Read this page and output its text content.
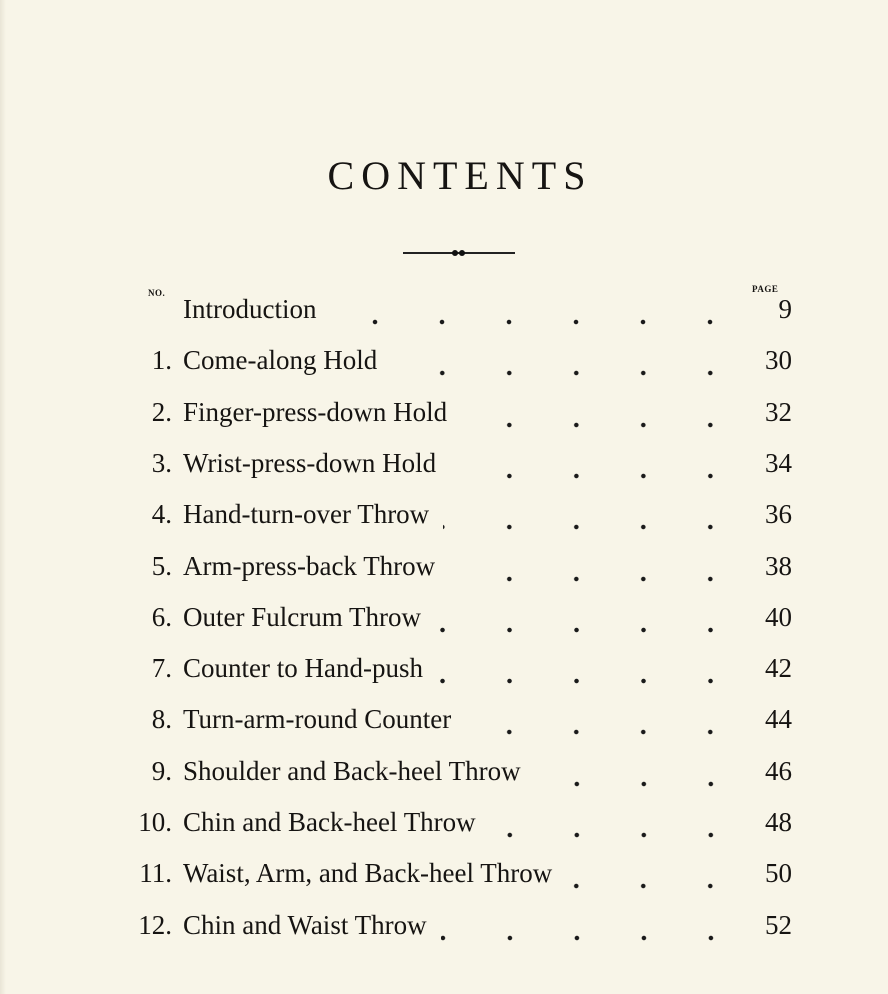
CONTENTS
NO.	PAGE
Introduction	9
1. Come-along Hold	30
2. Finger-press-down Hold	32
3. Wrist-press-down Hold	34
4. Hand-turn-over Throw	36
5. Arm-press-back Throw	38
6. Outer Fulcrum Throw	40
7. Counter to Hand-push	42
8. Turn-arm-round Counter	44
9. Shoulder and Back-heel Throw	46
10. Chin and Back-heel Throw	48
11. Waist, Arm, and Back-heel Throw	50
12. Chin and Waist Throw	52
